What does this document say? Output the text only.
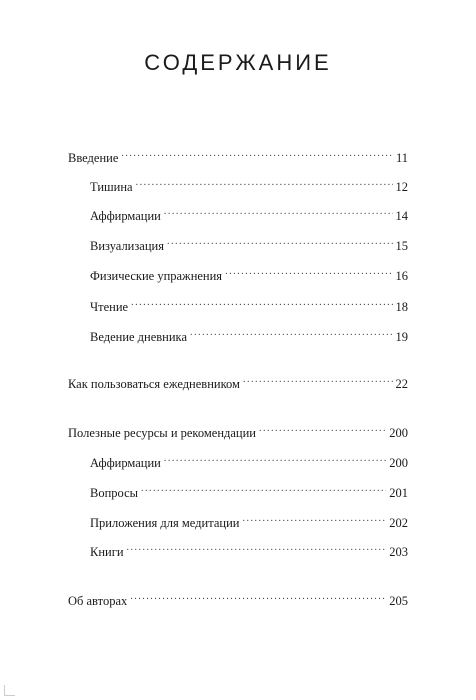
СОДЕРЖАНИЕ
Введение .....	11
Тишина .....	12
Аффирмации .....	14
Визуализация .....	15
Физические упражнения .....	16
Чтение .....	18
Ведение дневника .....	19
Как пользоваться ежедневником .....	22
Полезные ресурсы и рекомендации .....	200
Аффирмации .....	200
Вопросы .....	201
Приложения для медитации .....	202
Книги .....	203
Об авторах .....	205
